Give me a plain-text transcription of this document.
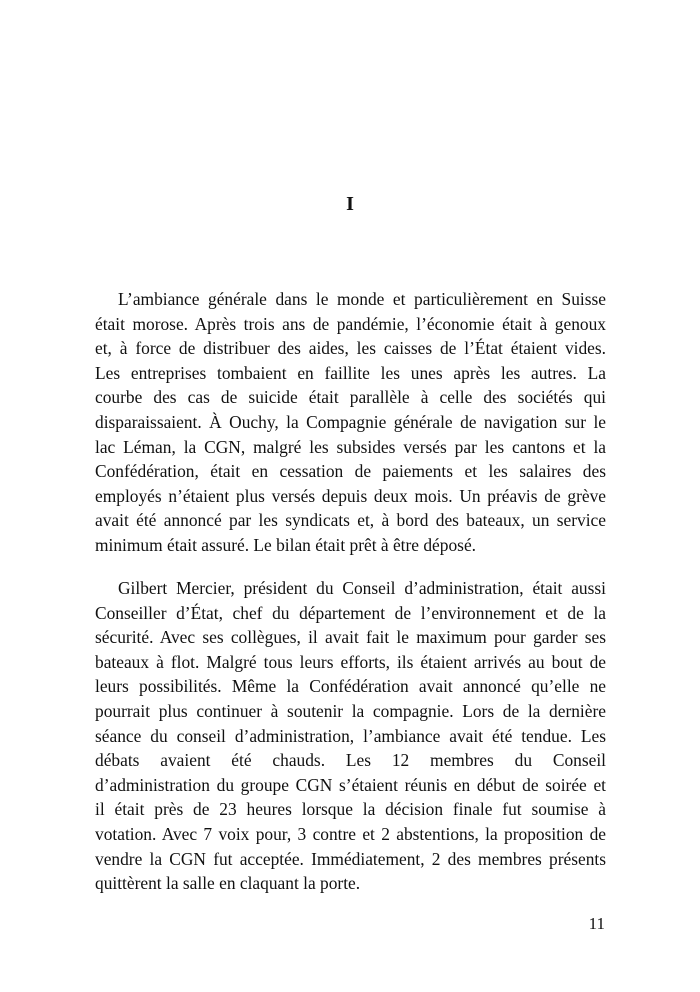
I
L’ambiance générale dans le monde et particulièrement en Suisse
était morose. Après trois ans de pandémie, l’économie était à genoux
et, à force de distribuer des aides, les caisses de l’État étaient vides.
Les entreprises tombaient en faillite les unes après les autres. La
courbe des cas de suicide était parallèle à celle des sociétés qui
disparaissaient. À Ouchy, la Compagnie générale de navigation sur le
lac Léman, la CGN, malgré les subsides versés par les cantons et la
Confédération, était en cessation de paiements et les salaires des
employés n’étaient plus versés depuis deux mois. Un préavis de grève
avait été annoncé par les syndicats et, à bord des bateaux, un service
minimum était assuré. Le bilan était prêt à être déposé.
Gilbert Mercier, président du Conseil d’administration, était aussi
Conseiller d’État, chef du département de l’environnement et de la
sécurité. Avec ses collègues, il avait fait le maximum pour garder ses
bateaux à flot. Malgré tous leurs efforts, ils étaient arrivés au bout de
leurs possibilités. Même la Confédération avait annoncé qu’elle ne
pourrait plus continuer à soutenir la compagnie. Lors de la dernière
séance du conseil d’administration, l’ambiance avait été tendue. Les
débats avaient été chauds. Les 12 membres du Conseil
d’administration du groupe CGN s’étaient réunis en début de soirée et
il était près de 23 heures lorsque la décision finale fut soumise à
votation. Avec 7 voix pour, 3 contre et 2 abstentions, la proposition de
vendre la CGN fut acceptée. Immédiatement, 2 des membres présents
quittèrent la salle en claquant la porte.
11
